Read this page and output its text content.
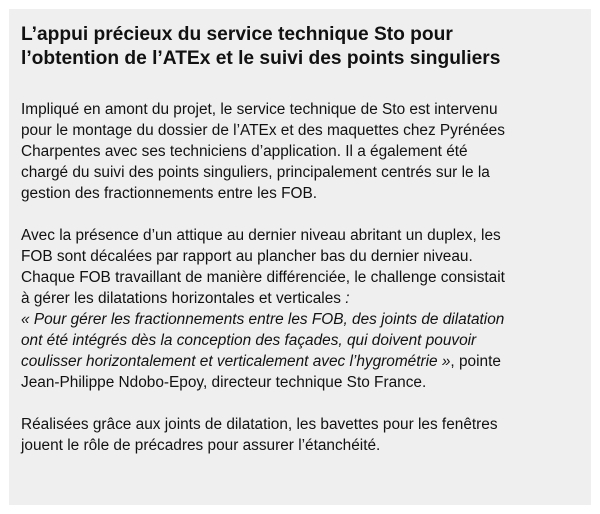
L’appui précieux du service technique Sto pour
l’obtention de l’ATEx et le suivi des points singuliers

Impliqué en amont du projet, le service technique de Sto est intervenu
pour le montage du dossier de l’ATEx et des maquettes chez Pyrénées
Charpentes avec ses techniciens d’application. Il a également été
chargé du suivi des points singuliers, principalement centrés sur le la
gestion des fractionnements entre les FOB.

Avec la présence d’un attique au dernier niveau abritant un duplex, les
FOB sont décalées par rapport au plancher bas du dernier niveau.
Chaque FOB travaillant de manière différenciée, le challenge consistait
à gérer les dilatations horizontales et verticales :
« Pour gérer les fractionnements entre les FOB, des joints de dilatation
ont été intégrés dès la conception des façades, qui doivent pouvoir
coulisser horizontalement et verticalement avec l’hygrométrie », pointe
Jean-Philippe Ndobo-Epoy, directeur technique Sto France.

Réalisées grâce aux joints de dilatation, les bavettes pour les fenêtres
jouent le rôle de précadres pour assurer l’étanchéité.
